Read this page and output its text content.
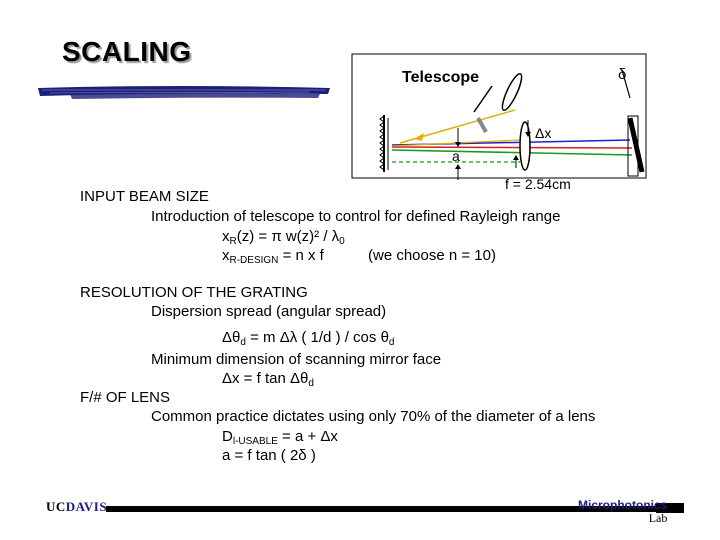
SCALING
Telescope	δ
Δx
a
f = 2.54cm
INPUT BEAM SIZE
Introduction of telescope to control for defined Rayleigh range
$x_R(z) = \pi$ $w(z)^2 / \lambda_0$
$x_{R-DESIGN} = n$ x f	(we choose n = 10)
RESOLUTION OF THE GRATING
Dispersion spread (angular spread)
$\Delta\theta_d = m$ Δλ ( 1/d ) / $\cos \theta_d$
Minimum dimension of scanning mirror face
Δx = f $\tan \Delta\theta_d$
F/# OF LENS
Common practice dictates using only 70% of the diameter of a lens
$D_{l-USABLE} = a + \Delta x$
a = f tan ( 2δ )
UCDAVIS	Microphotonics
Lab
